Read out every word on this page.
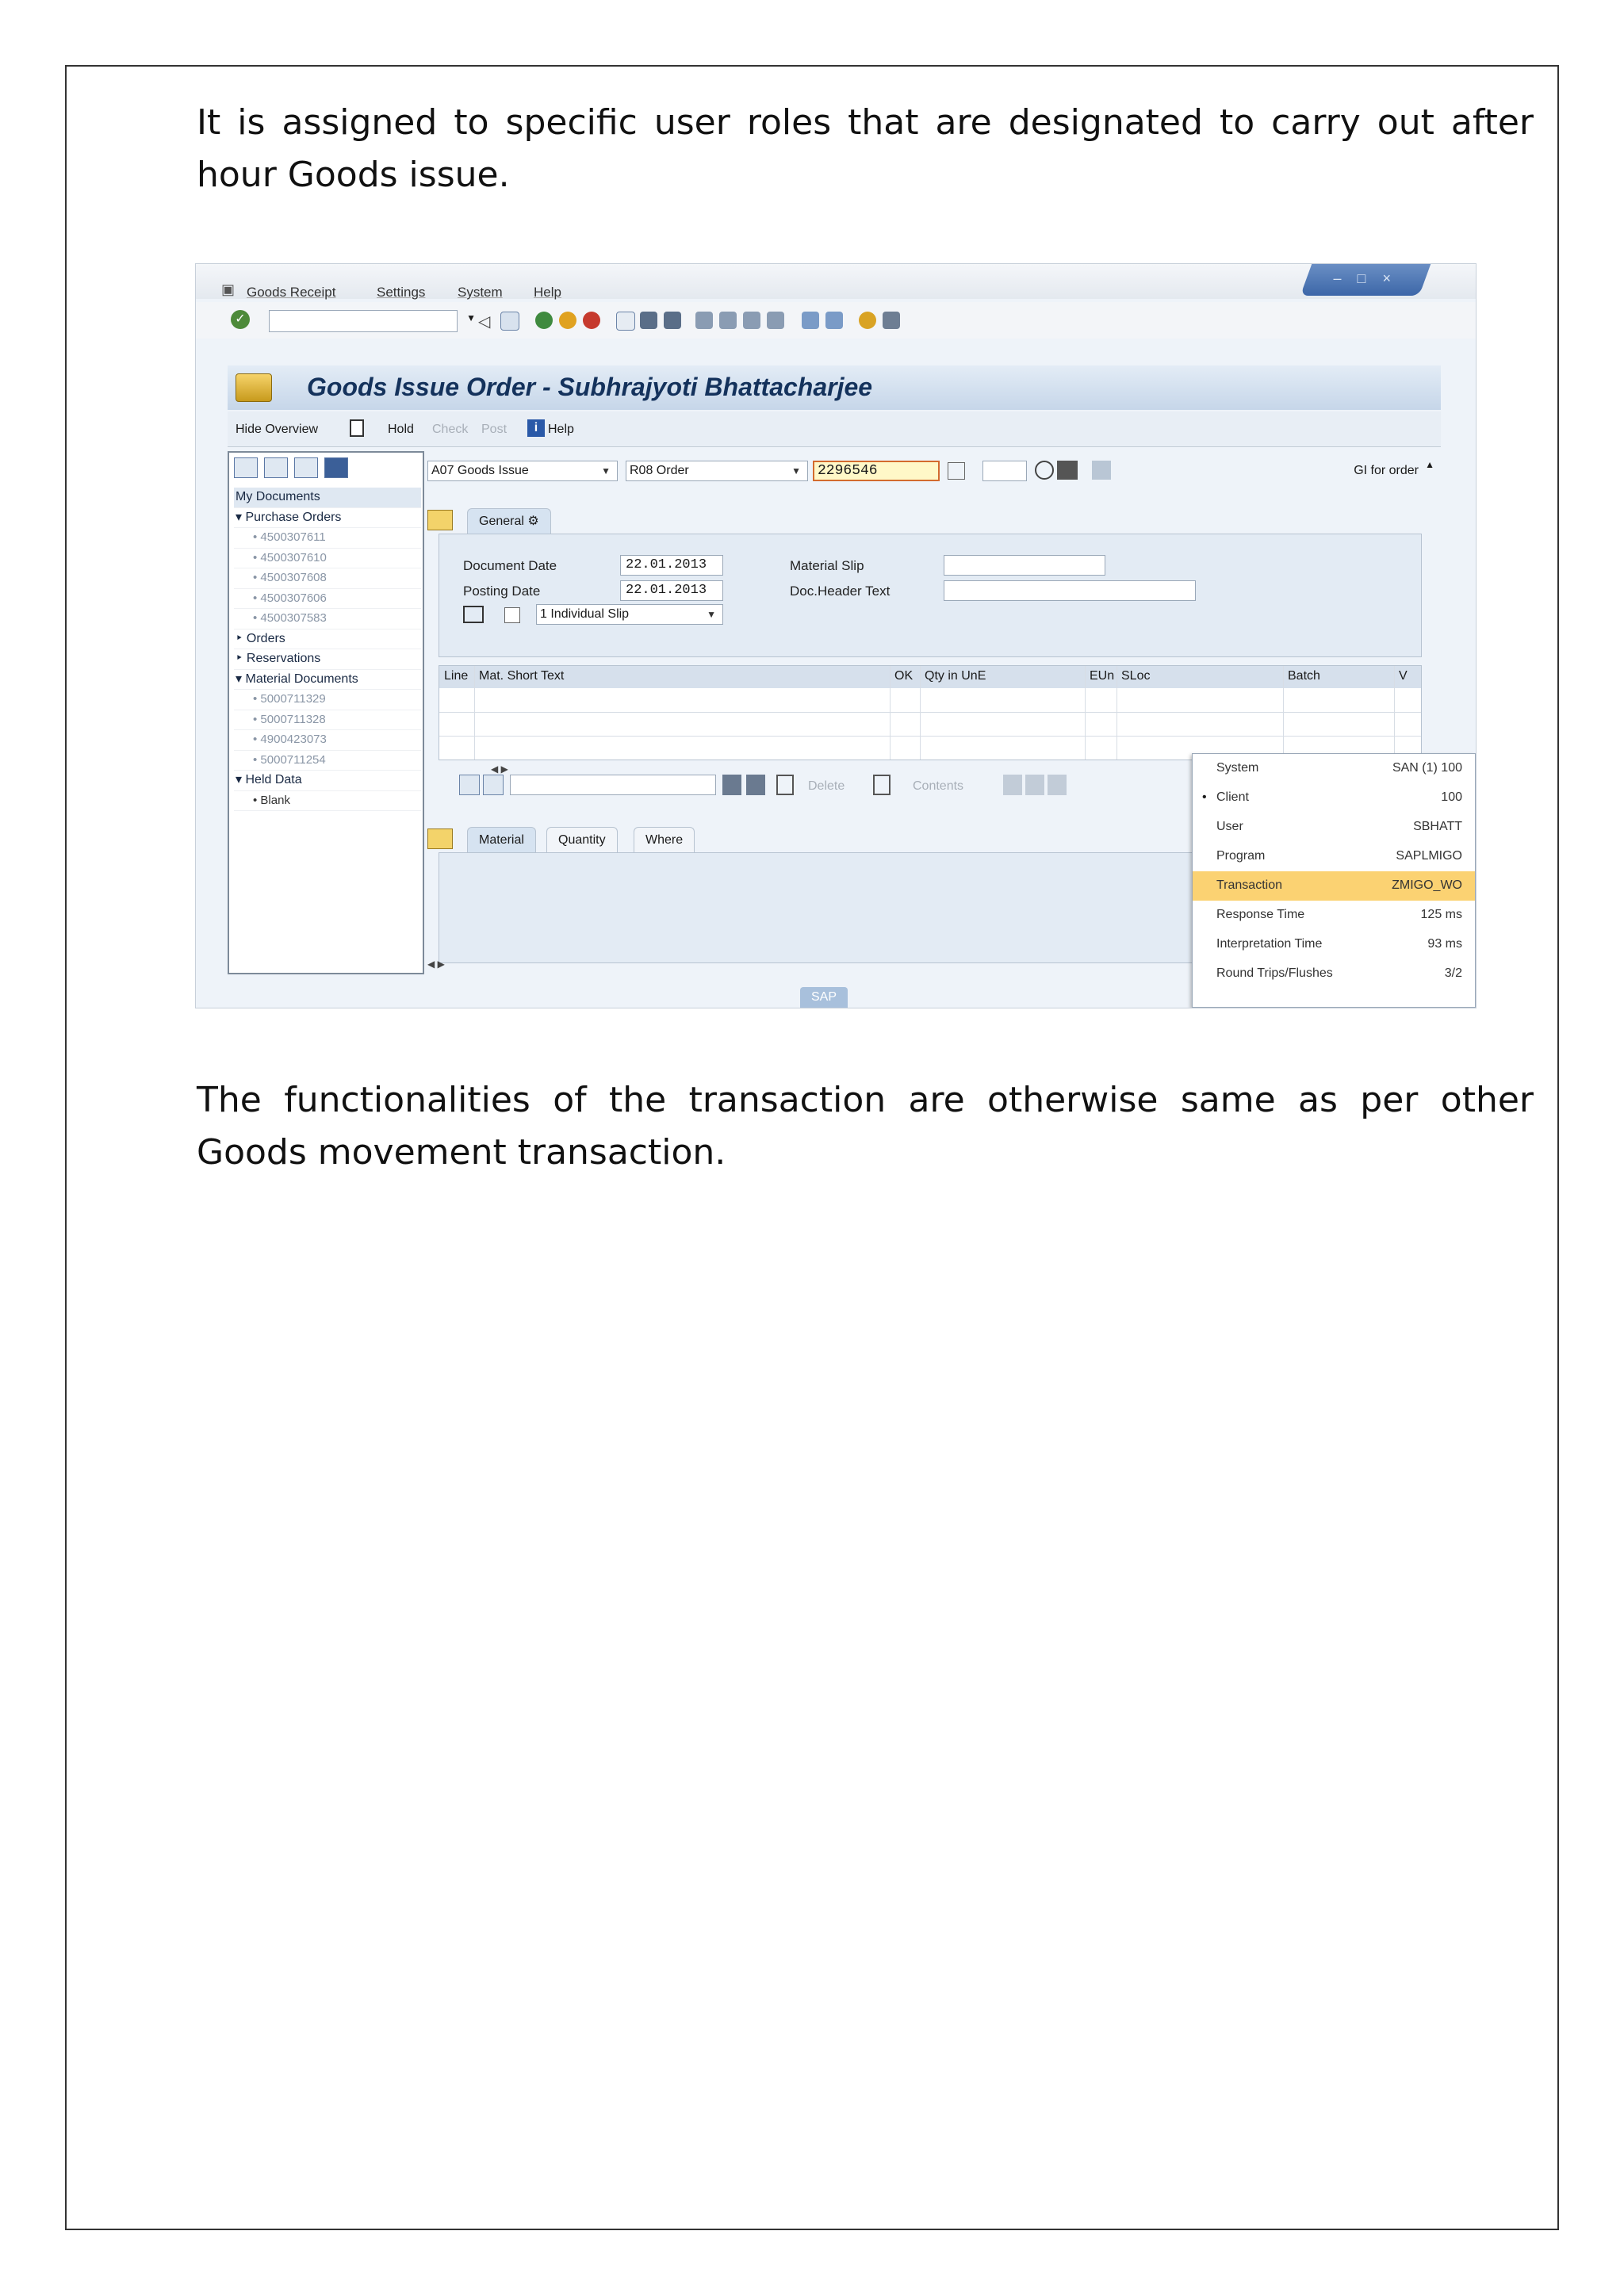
It is assigned to specific user roles that are designated to carry out after hour Goods issue.

▣ Goods Receipt	Settings System Help
– □ ×
✓	▼ ◁
Goods Issue Order - Subhrajyoti Bhattacharjee
Hide Overview	Hold Check Post	i Help
My Documents
▾ Purchase Orders
• 4500307611
• 4500307610
• 4500307608
• 4500307606
• 4500307583
‣ Orders
‣ Reservations
▾ Material Documents
• 5000711329
• 5000711328
• 4900423073
• 5000711254
▾ Held Data
• Blank
A07 Goods Issue	▼	R08 Order	▼	2296546	GI for order ▲
General ⚙
Document Date	22.01.2013
Posting Date	22.01.2013
1 Individual Slip	▼
Material Slip
Doc.Header Text
Line Mat. Short Text	OK Qty in UnE	EUn SLoc	Batch	V
◀ ▶
Delete	Contents
Material	Quantity	Where
◀ ▶
SAP
System	SAN (1) 100
• Client	100
User	SBHATT
Program	SAPLMIGO
Transaction	ZMIGO_WO
Response Time	125 ms
Interpretation Time	93 ms
Round Trips/Flushes	3/2

The functionalities of the transaction are otherwise same as per other Goods movement transaction.
